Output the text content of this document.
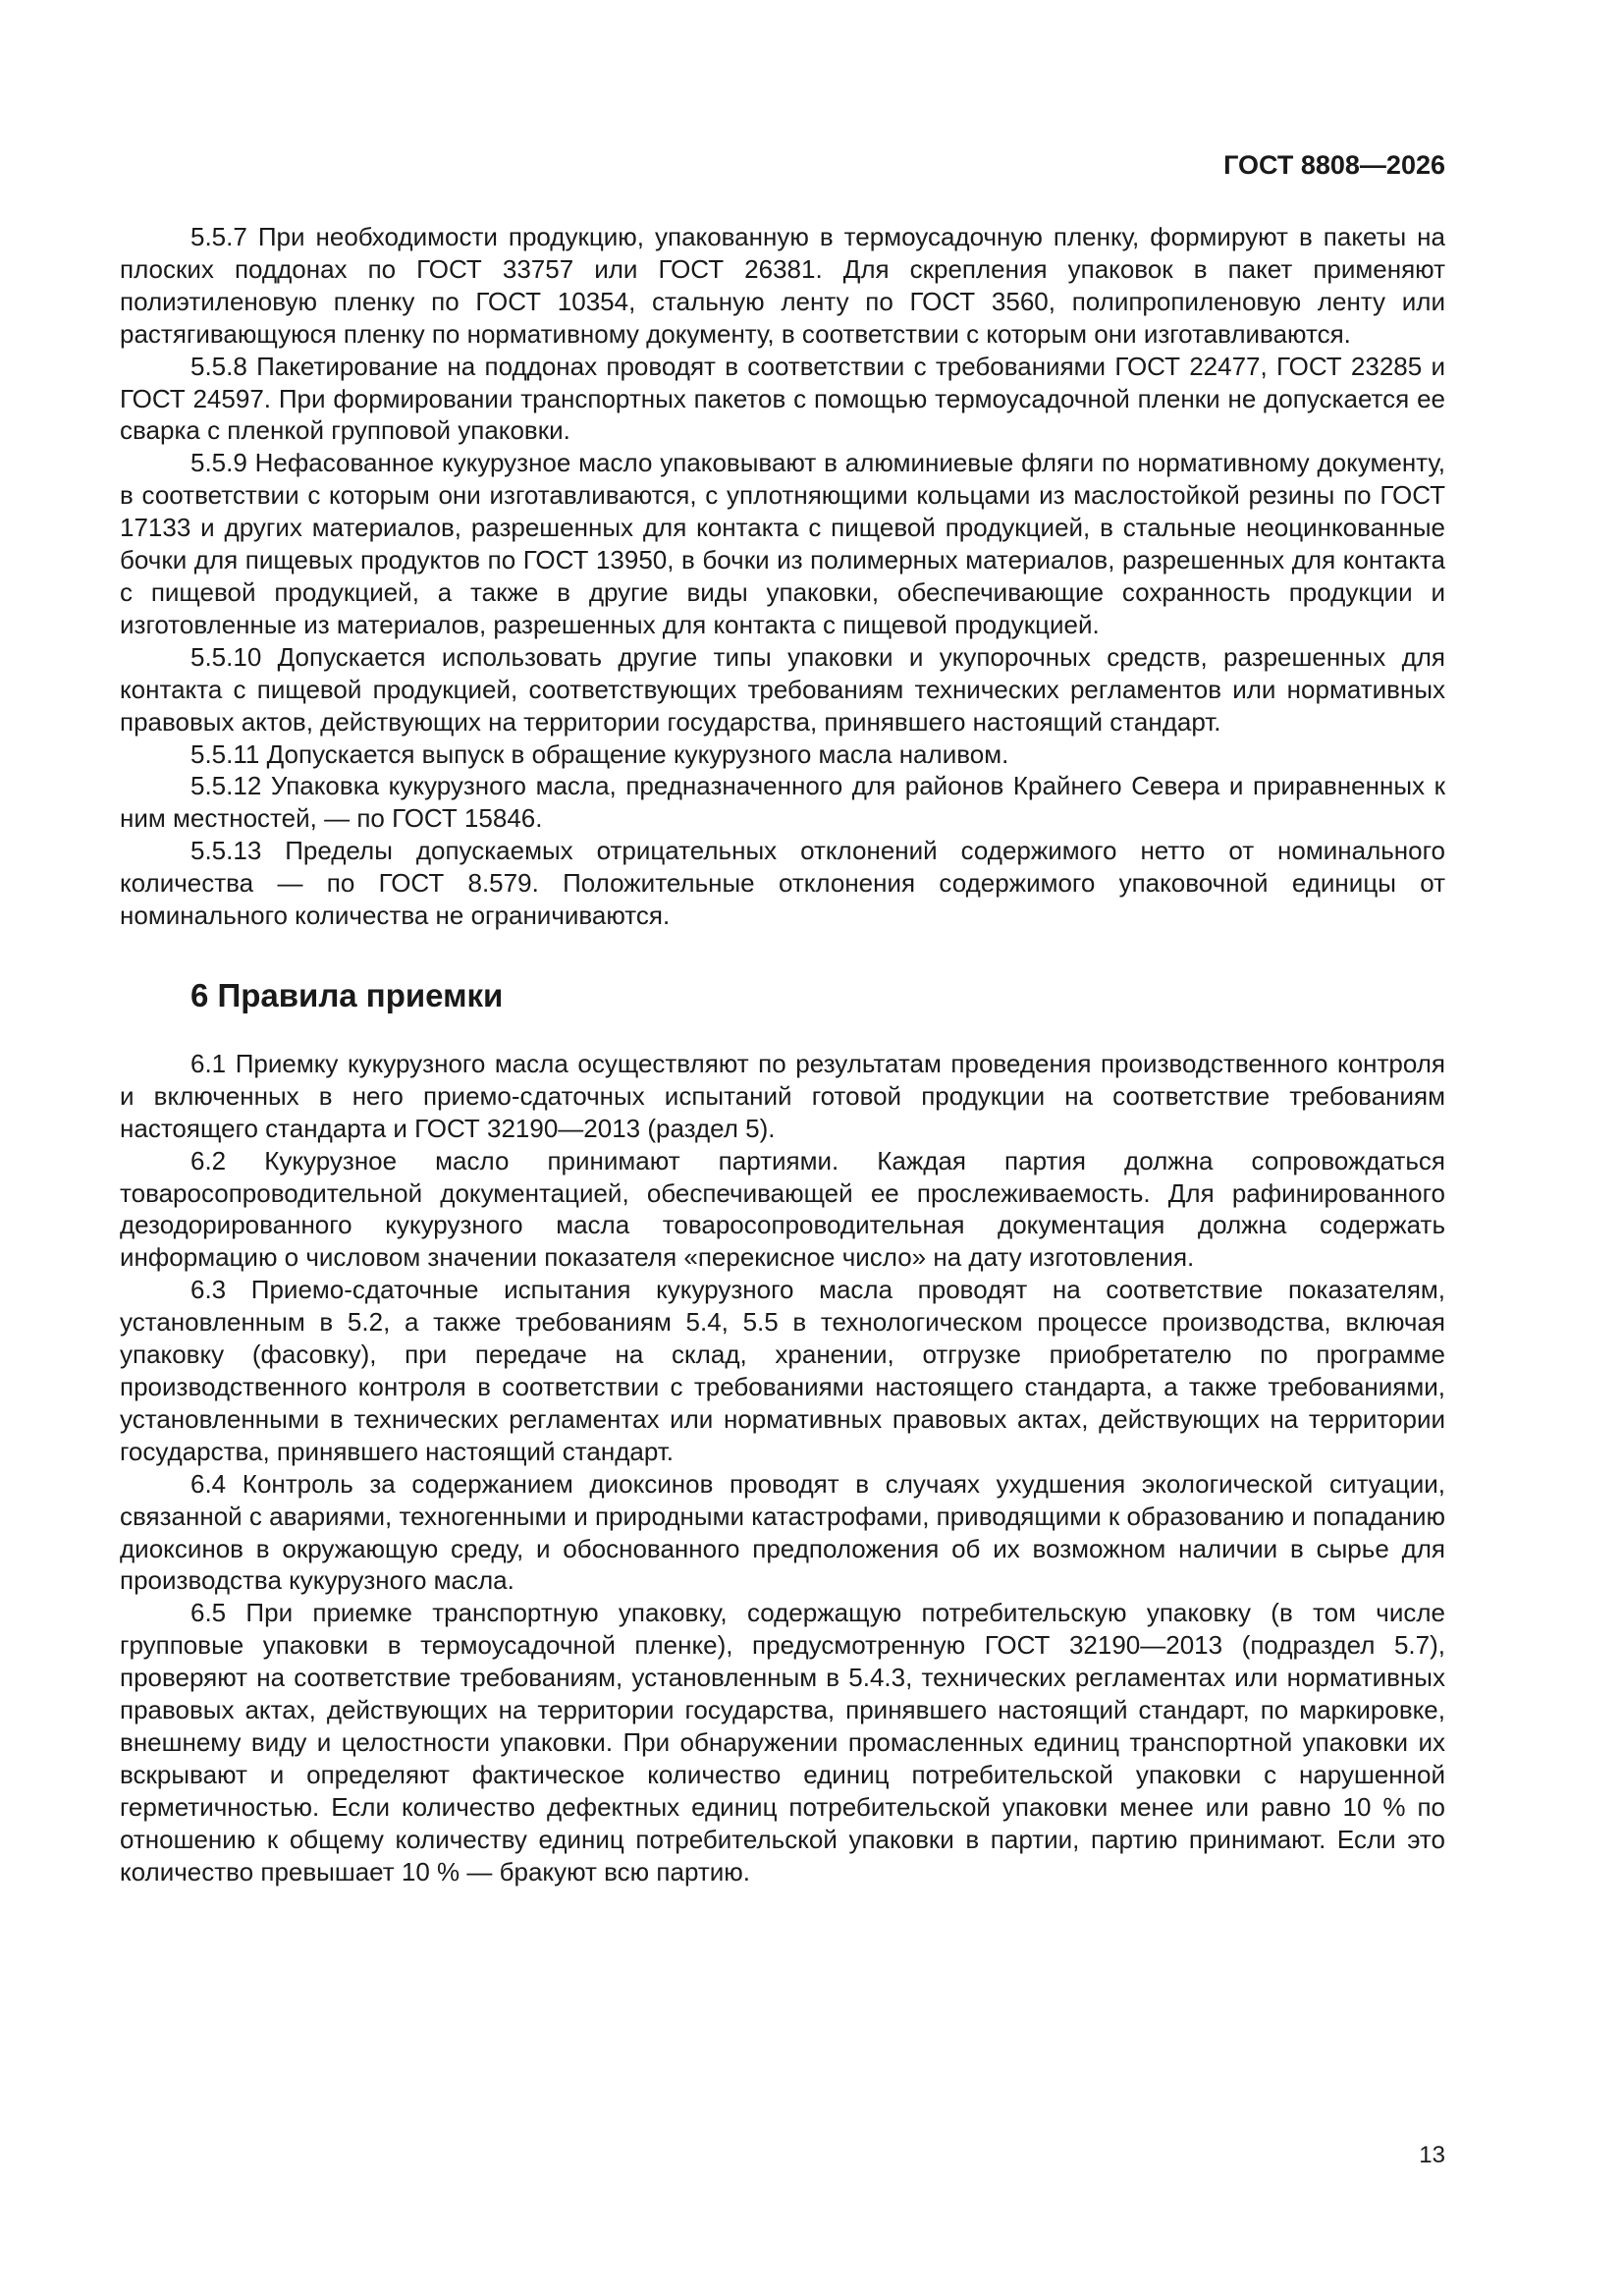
ГОСТ 8808—2026

5.5.7 При необходимости продукцию, упакованную в термоусадочную пленку, формируют в пакеты на плоских поддонах по ГОСТ 33757 или ГОСТ 26381. Для скрепления упаковок в пакет применяют полиэтиленовую пленку по ГОСТ 10354, стальную ленту по ГОСТ 3560, полипропиленовую ленту или растягивающуюся пленку по нормативному документу, в соответствии с которым они изготавливаются.

5.5.8 Пакетирование на поддонах проводят в соответствии с требованиями ГОСТ 22477, ГОСТ 23285 и ГОСТ 24597. При формировании транспортных пакетов с помощью термоусадочной пленки не допускается ее сварка с пленкой групповой упаковки.

5.5.9 Нефасованное кукурузное масло упаковывают в алюминиевые фляги по нормативному документу, в соответствии с которым они изготавливаются, с уплотняющими кольцами из маслостойкой резины по ГОСТ 17133 и других материалов, разрешенных для контакта с пищевой продукцией, в стальные неоцинкованные бочки для пищевых продуктов по ГОСТ 13950, в бочки из полимерных материалов, разрешенных для контакта с пищевой продукцией, а также в другие виды упаковки, обеспечивающие сохранность продукции и изготовленные из материалов, разрешенных для контакта с пищевой продукцией.

5.5.10 Допускается использовать другие типы упаковки и укупорочных средств, разрешенных для контакта с пищевой продукцией, соответствующих требованиям технических регламентов или нормативных правовых актов, действующих на территории государства, принявшего настоящий стандарт.

5.5.11 Допускается выпуск в обращение кукурузного масла наливом.

5.5.12 Упаковка кукурузного масла, предназначенного для районов Крайнего Севера и приравненных к ним местностей, — по ГОСТ 15846.

5.5.13 Пределы допускаемых отрицательных отклонений содержимого нетто от номинального количества — по ГОСТ 8.579. Положительные отклонения содержимого упаковочной единицы от номинального количества не ограничиваются.

6 Правила приемки

6.1 Приемку кукурузного масла осуществляют по результатам проведения производственного контроля и включенных в него приемо-сдаточных испытаний готовой продукции на соответствие требованиям настоящего стандарта и ГОСТ 32190—2013 (раздел 5).

6.2 Кукурузное масло принимают партиями. Каждая партия должна сопровождаться товаросопроводительной документацией, обеспечивающей ее прослеживаемость. Для рафинированного дезодорированного кукурузного масла товаросопроводительная документация должна содержать информацию о числовом значении показателя «перекисное число» на дату изготовления.

6.3 Приемо-сдаточные испытания кукурузного масла проводят на соответствие показателям, установленным в 5.2, а также требованиям 5.4, 5.5 в технологическом процессе производства, включая упаковку (фасовку), при передаче на склад, хранении, отгрузке приобретателю по программе производственного контроля в соответствии с требованиями настоящего стандарта, а также требованиями, установленными в технических регламентах или нормативных правовых актах, действующих на территории государства, принявшего настоящий стандарт.

6.4 Контроль за содержанием диоксинов проводят в случаях ухудшения экологической ситуации, связанной с авариями, техногенными и природными катастрофами, приводящими к образованию и попаданию диоксинов в окружающую среду, и обоснованного предположения об их возможном наличии в сырье для производства кукурузного масла.

6.5 При приемке транспортную упаковку, содержащую потребительскую упаковку (в том числе групповые упаковки в термоусадочной пленке), предусмотренную ГОСТ 32190—2013 (подраздел 5.7), проверяют на соответствие требованиям, установленным в 5.4.3, технических регламентах или нормативных правовых актах, действующих на территории государства, принявшего настоящий стандарт, по маркировке, внешнему виду и целостности упаковки. При обнаружении промасленных единиц транспортной упаковки их вскрывают и определяют фактическое количество единиц потребительской упаковки с нарушенной герметичностью. Если количество дефектных единиц потребительской упаковки менее или равно 10 % по отношению к общему количеству единиц потребительской упаковки в партии, партию принимают. Если это количество превышает 10 % — бракуют всю партию.

13
